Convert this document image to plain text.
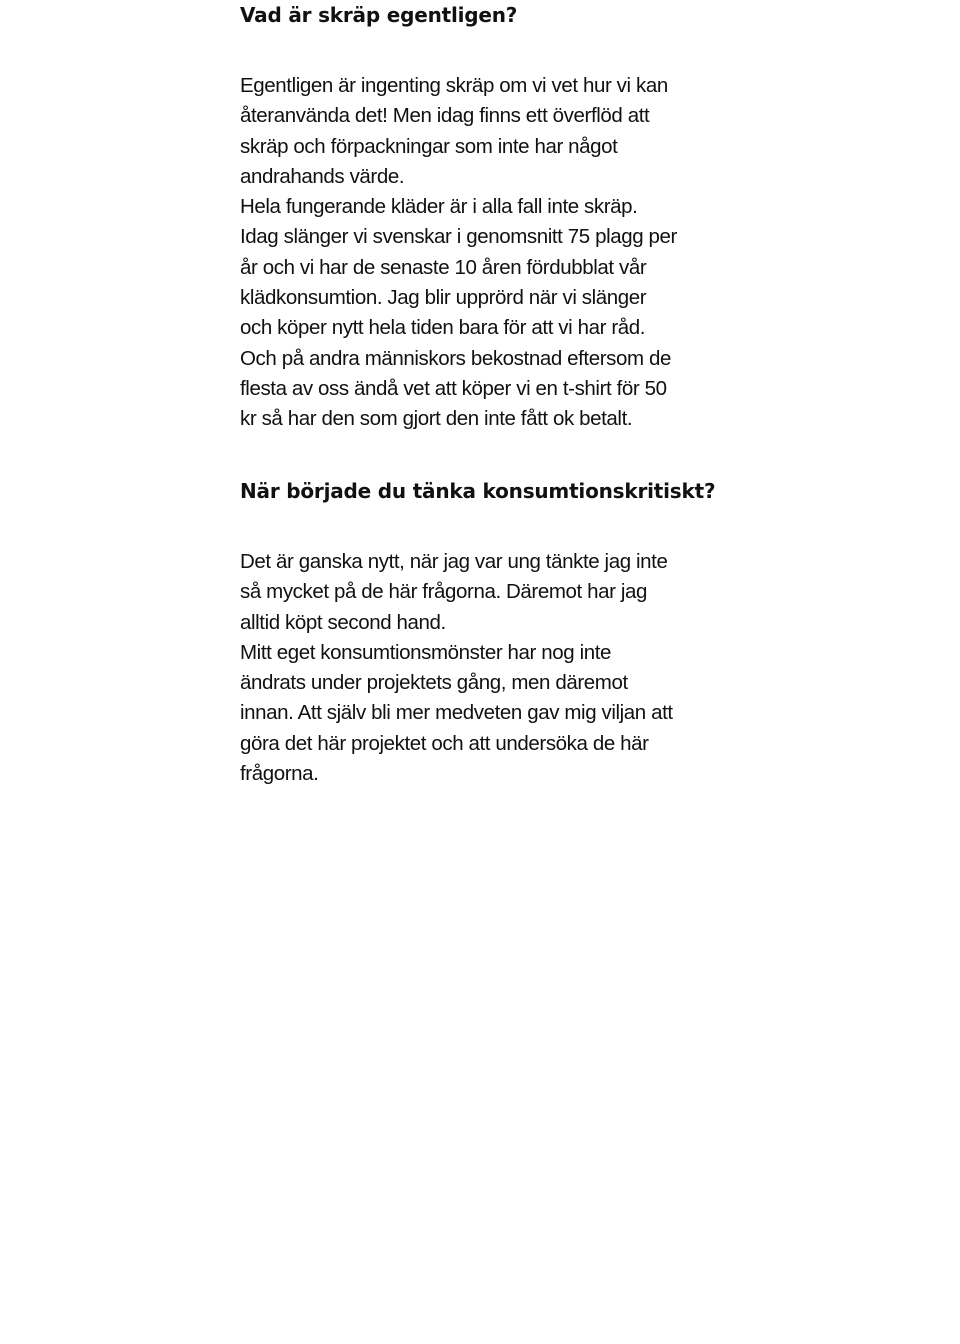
Vad är skräp egentligen?

Egentligen är ingenting skräp om vi vet hur vi kan
återanvända det! Men idag finns ett överflöd att
skräp och förpackningar som inte har något
andrahands värde.
Hela fungerande kläder är i alla fall inte skräp.
Idag slänger vi svenskar i genomsnitt 75 plagg per
år och vi har de senaste 10 åren fördubblat vår
klädkonsumtion. Jag blir upprörd när vi slänger
och köper nytt hela tiden bara för att vi har råd.
Och på andra människors bekostnad eftersom de
flesta av oss ändå vet att köper vi en t-shirt för 50
kr så har den som gjort den inte fått ok betalt.

När började du tänka konsumtionskritiskt?

Det är ganska nytt, när jag var ung tänkte jag inte
så mycket på de här frågorna. Däremot har jag
alltid köpt second hand.
Mitt eget konsumtionsmönster har nog inte
ändrats under projektets gång, men däremot
innan. Att själv bli mer medveten gav mig viljan att
göra det här projektet och att undersöka de här
frågorna.
